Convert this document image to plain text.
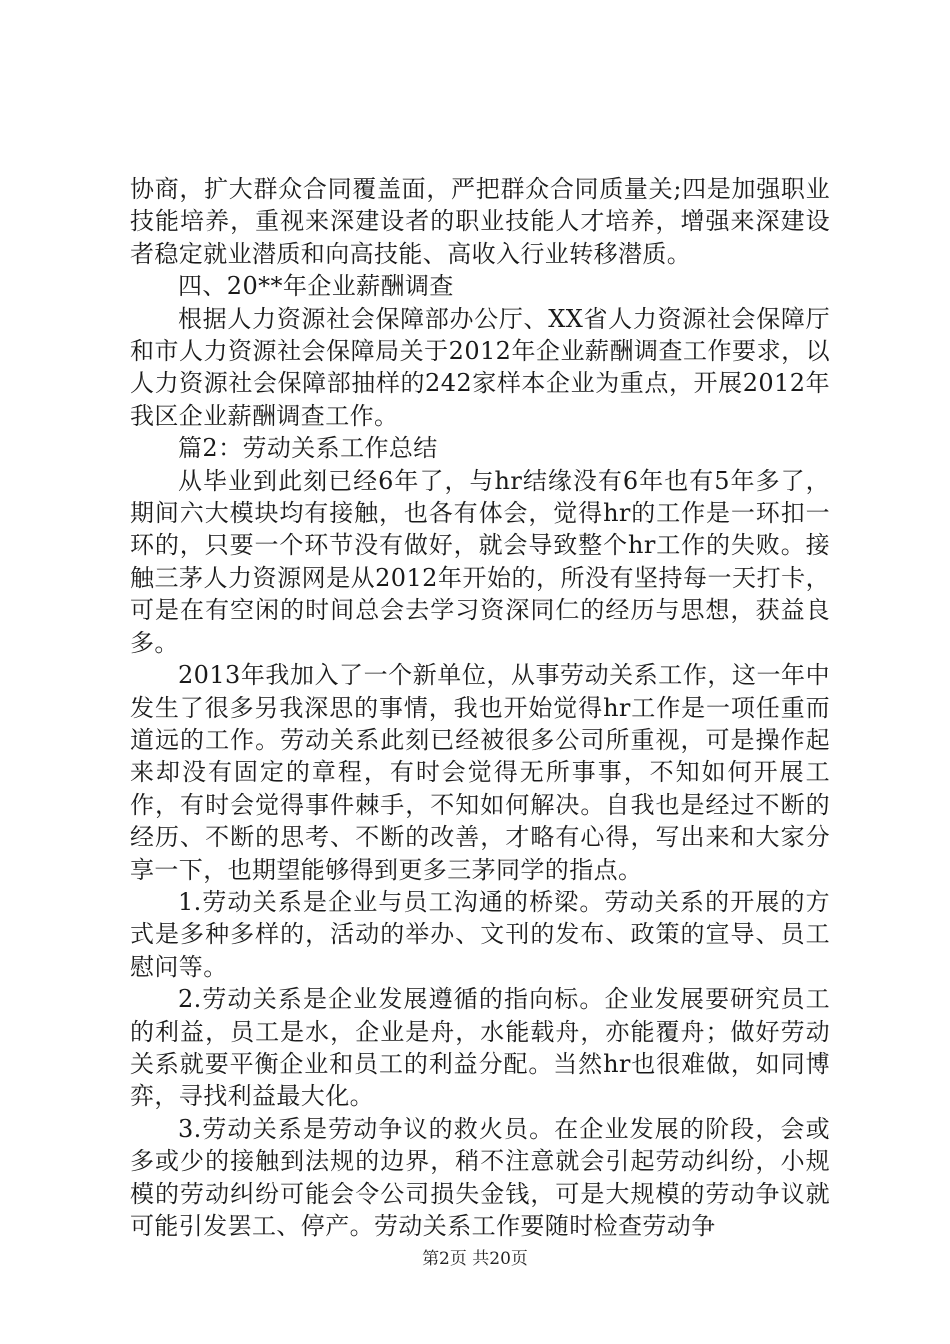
协商，扩大群众合同覆盖面，严把群众合同质量关;四是加强职业技能培养，重视来深建设者的职业技能人才培养，增强来深建设者稳定就业潜质和向高技能、高收入行业转移潜质。

四、20**年企业薪酬调查

根据人力资源社会保障部办公厅、XX省人力资源社会保障厅和市人力资源社会保障局关于2012年企业薪酬调查工作要求，以人力资源社会保障部抽样的242家样本企业为重点，开展2012年我区企业薪酬调查工作。

篇2：劳动关系工作总结

从毕业到此刻已经6年了，与hr结缘没有6年也有5年多了，期间六大模块均有接触，也各有体会，觉得hr的工作是一环扣一环的，只要一个环节没有做好，就会导致整个hr工作的失败。接触三茅人力资源网是从2012年开始的，所没有坚持每一天打卡，可是在有空闲的时间总会去学习资深同仁的经历与思想，获益良多。

2013年我加入了一个新单位，从事劳动关系工作，这一年中发生了很多另我深思的事情，我也开始觉得hr工作是一项任重而道远的工作。劳动关系此刻已经被很多公司所重视，可是操作起来却没有固定的章程，有时会觉得无所事事，不知如何开展工作，有时会觉得事件棘手，不知如何解决。自我也是经过不断的经历、不断的思考、不断的改善，才略有心得，写出来和大家分享一下，也期望能够得到更多三茅同学的指点。

1.劳动关系是企业与员工沟通的桥梁。劳动关系的开展的方式是多种多样的，活动的举办、文刊的发布、政策的宣导、员工慰问等。

2.劳动关系是企业发展遵循的指向标。企业发展要研究员工的利益，员工是水，企业是舟，水能载舟，亦能覆舟；做好劳动关系就要平衡企业和员工的利益分配。当然hr也很难做，如同博弈，寻找利益最大化。

3.劳动关系是劳动争议的救火员。在企业发展的阶段，会或多或少的接触到法规的边界，稍不注意就会引起劳动纠纷，小规模的劳动纠纷可能会令公司损失金钱，可是大规模的劳动争议就可能引发罢工、停产。劳动关系工作要随时检查劳动争

第2页 共20页
